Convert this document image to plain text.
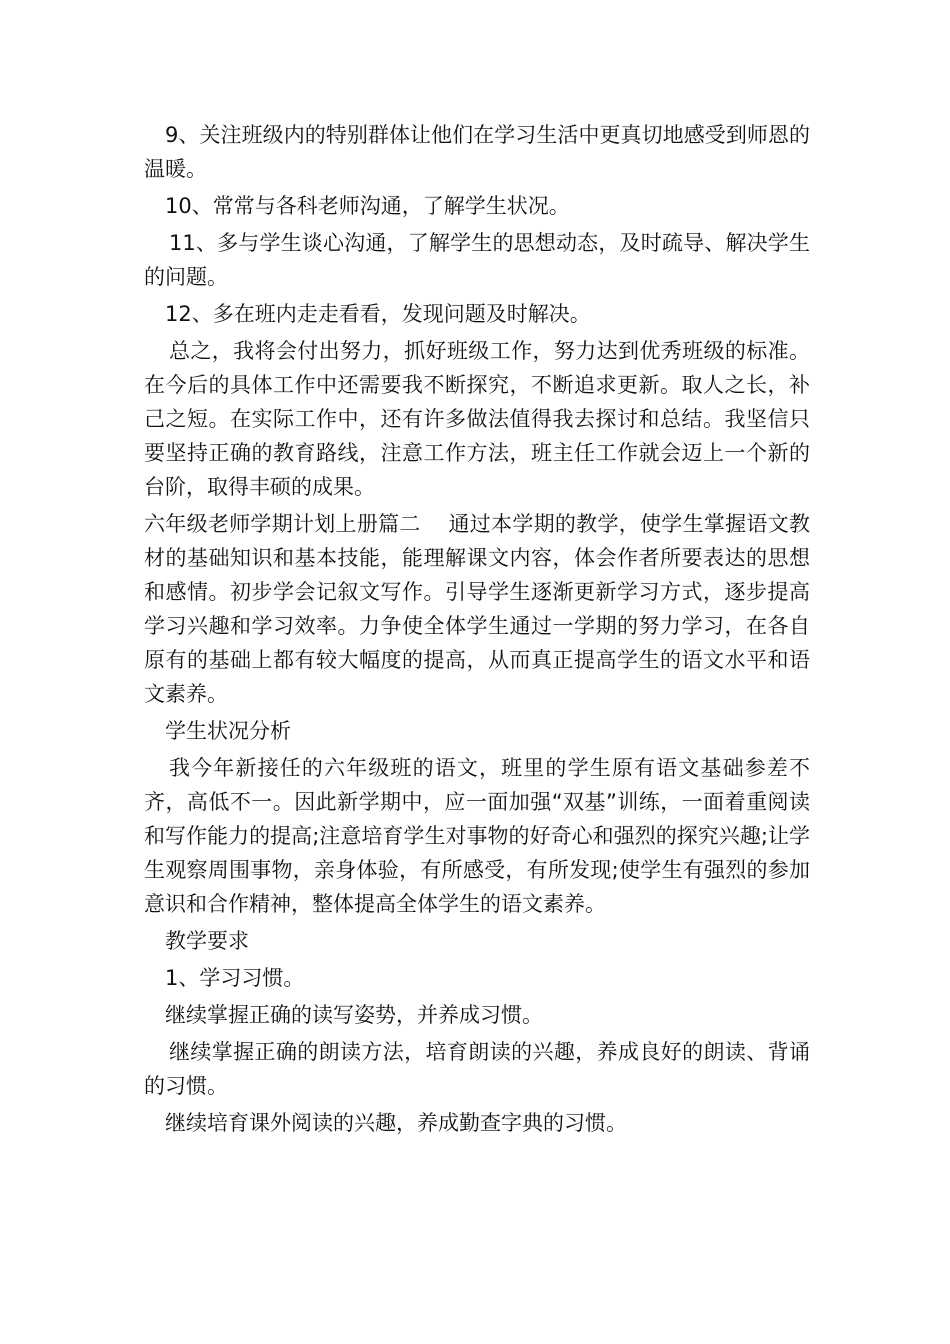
9、关注班级内的特别群体让他们在学习生活中更真切地感受到师恩的温暖。

10、常常与各科老师沟通，了解学生状况。

11、多与学生谈心沟通，了解学生的思想动态，及时疏导、解决学生的问题。

12、多在班内走走看看，发现问题及时解决。

总之，我将会付出努力，抓好班级工作，努力达到优秀班级的标准。在今后的具体工作中还需要我不断探究，不断追求更新。取人之长，补己之短。在实际工作中，还有许多做法值得我去探讨和总结。我坚信只要坚持正确的教育路线，注意工作方法，班主任工作就会迈上一个新的台阶，取得丰硕的成果。

六年级老师学期计划上册篇二    通过本学期的教学，使学生掌握语文教材的基础知识和基本技能，能理解课文内容，体会作者所要表达的思想和感情。初步学会记叙文写作。引导学生逐渐更新学习方式，逐步提高学习兴趣和学习效率。力争使全体学生通过一学期的努力学习，在各自原有的基础上都有较大幅度的提高，从而真正提高学生的语文水平和语文素养。

学生状况分析

我今年新接任的六年级班的语文，班里的学生原有语文基础参差不齐，高低不一。因此新学期中，应一面加强“双基”训练，一面着重阅读和写作能力的提高;注意培育学生对事物的好奇心和强烈的探究兴趣;让学生观察周围事物，亲身体验，有所感受，有所发现;使学生有强烈的参加意识和合作精神，整体提高全体学生的语文素养。

教学要求

1、学习习惯。

继续掌握正确的读写姿势，并养成习惯。

继续掌握正确的朗读方法，培育朗读的兴趣，养成良好的朗读、背诵的习惯。

继续培育课外阅读的兴趣，养成勤查字典的习惯。
